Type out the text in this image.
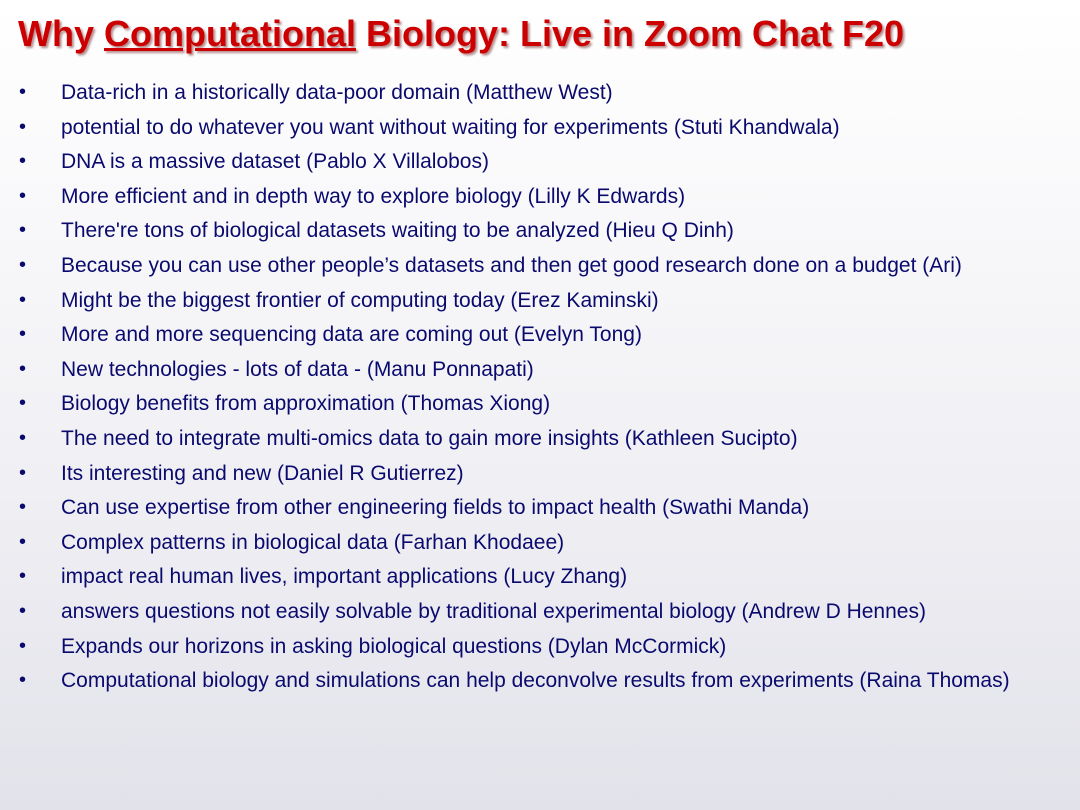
Why Computational Biology: Live in Zoom Chat F20
• Data-rich in a historically data-poor domain (Matthew West)
• potential to do whatever you want without waiting for experiments (Stuti Khandwala)
• DNA is a massive dataset (Pablo X Villalobos)
• More efficient and in depth way to explore biology (Lilly K Edwards)
• There're tons of biological datasets waiting to be analyzed (Hieu Q Dinh)
• Because you can use other people’s datasets and then get good research done on a budget (Ari)
• Might be the biggest frontier of computing today (Erez Kaminski)
• More and more sequencing data are coming out (Evelyn Tong)
• New technologies - lots of data - (Manu Ponnapati)
• Biology benefits from approximation (Thomas Xiong)
• The need to integrate multi-omics data to gain more insights (Kathleen Sucipto)
• Its interesting and new (Daniel R Gutierrez)
• Can use expertise from other engineering fields to impact health (Swathi Manda)
• Complex patterns in biological data (Farhan Khodaee)
• impact real human lives, important applications (Lucy Zhang)
• answers questions not easily solvable by traditional experimental biology (Andrew D Hennes)
• Expands our horizons in asking biological questions (Dylan McCormick)
• Computational biology and simulations can help deconvolve results from experiments (Raina Thomas)
